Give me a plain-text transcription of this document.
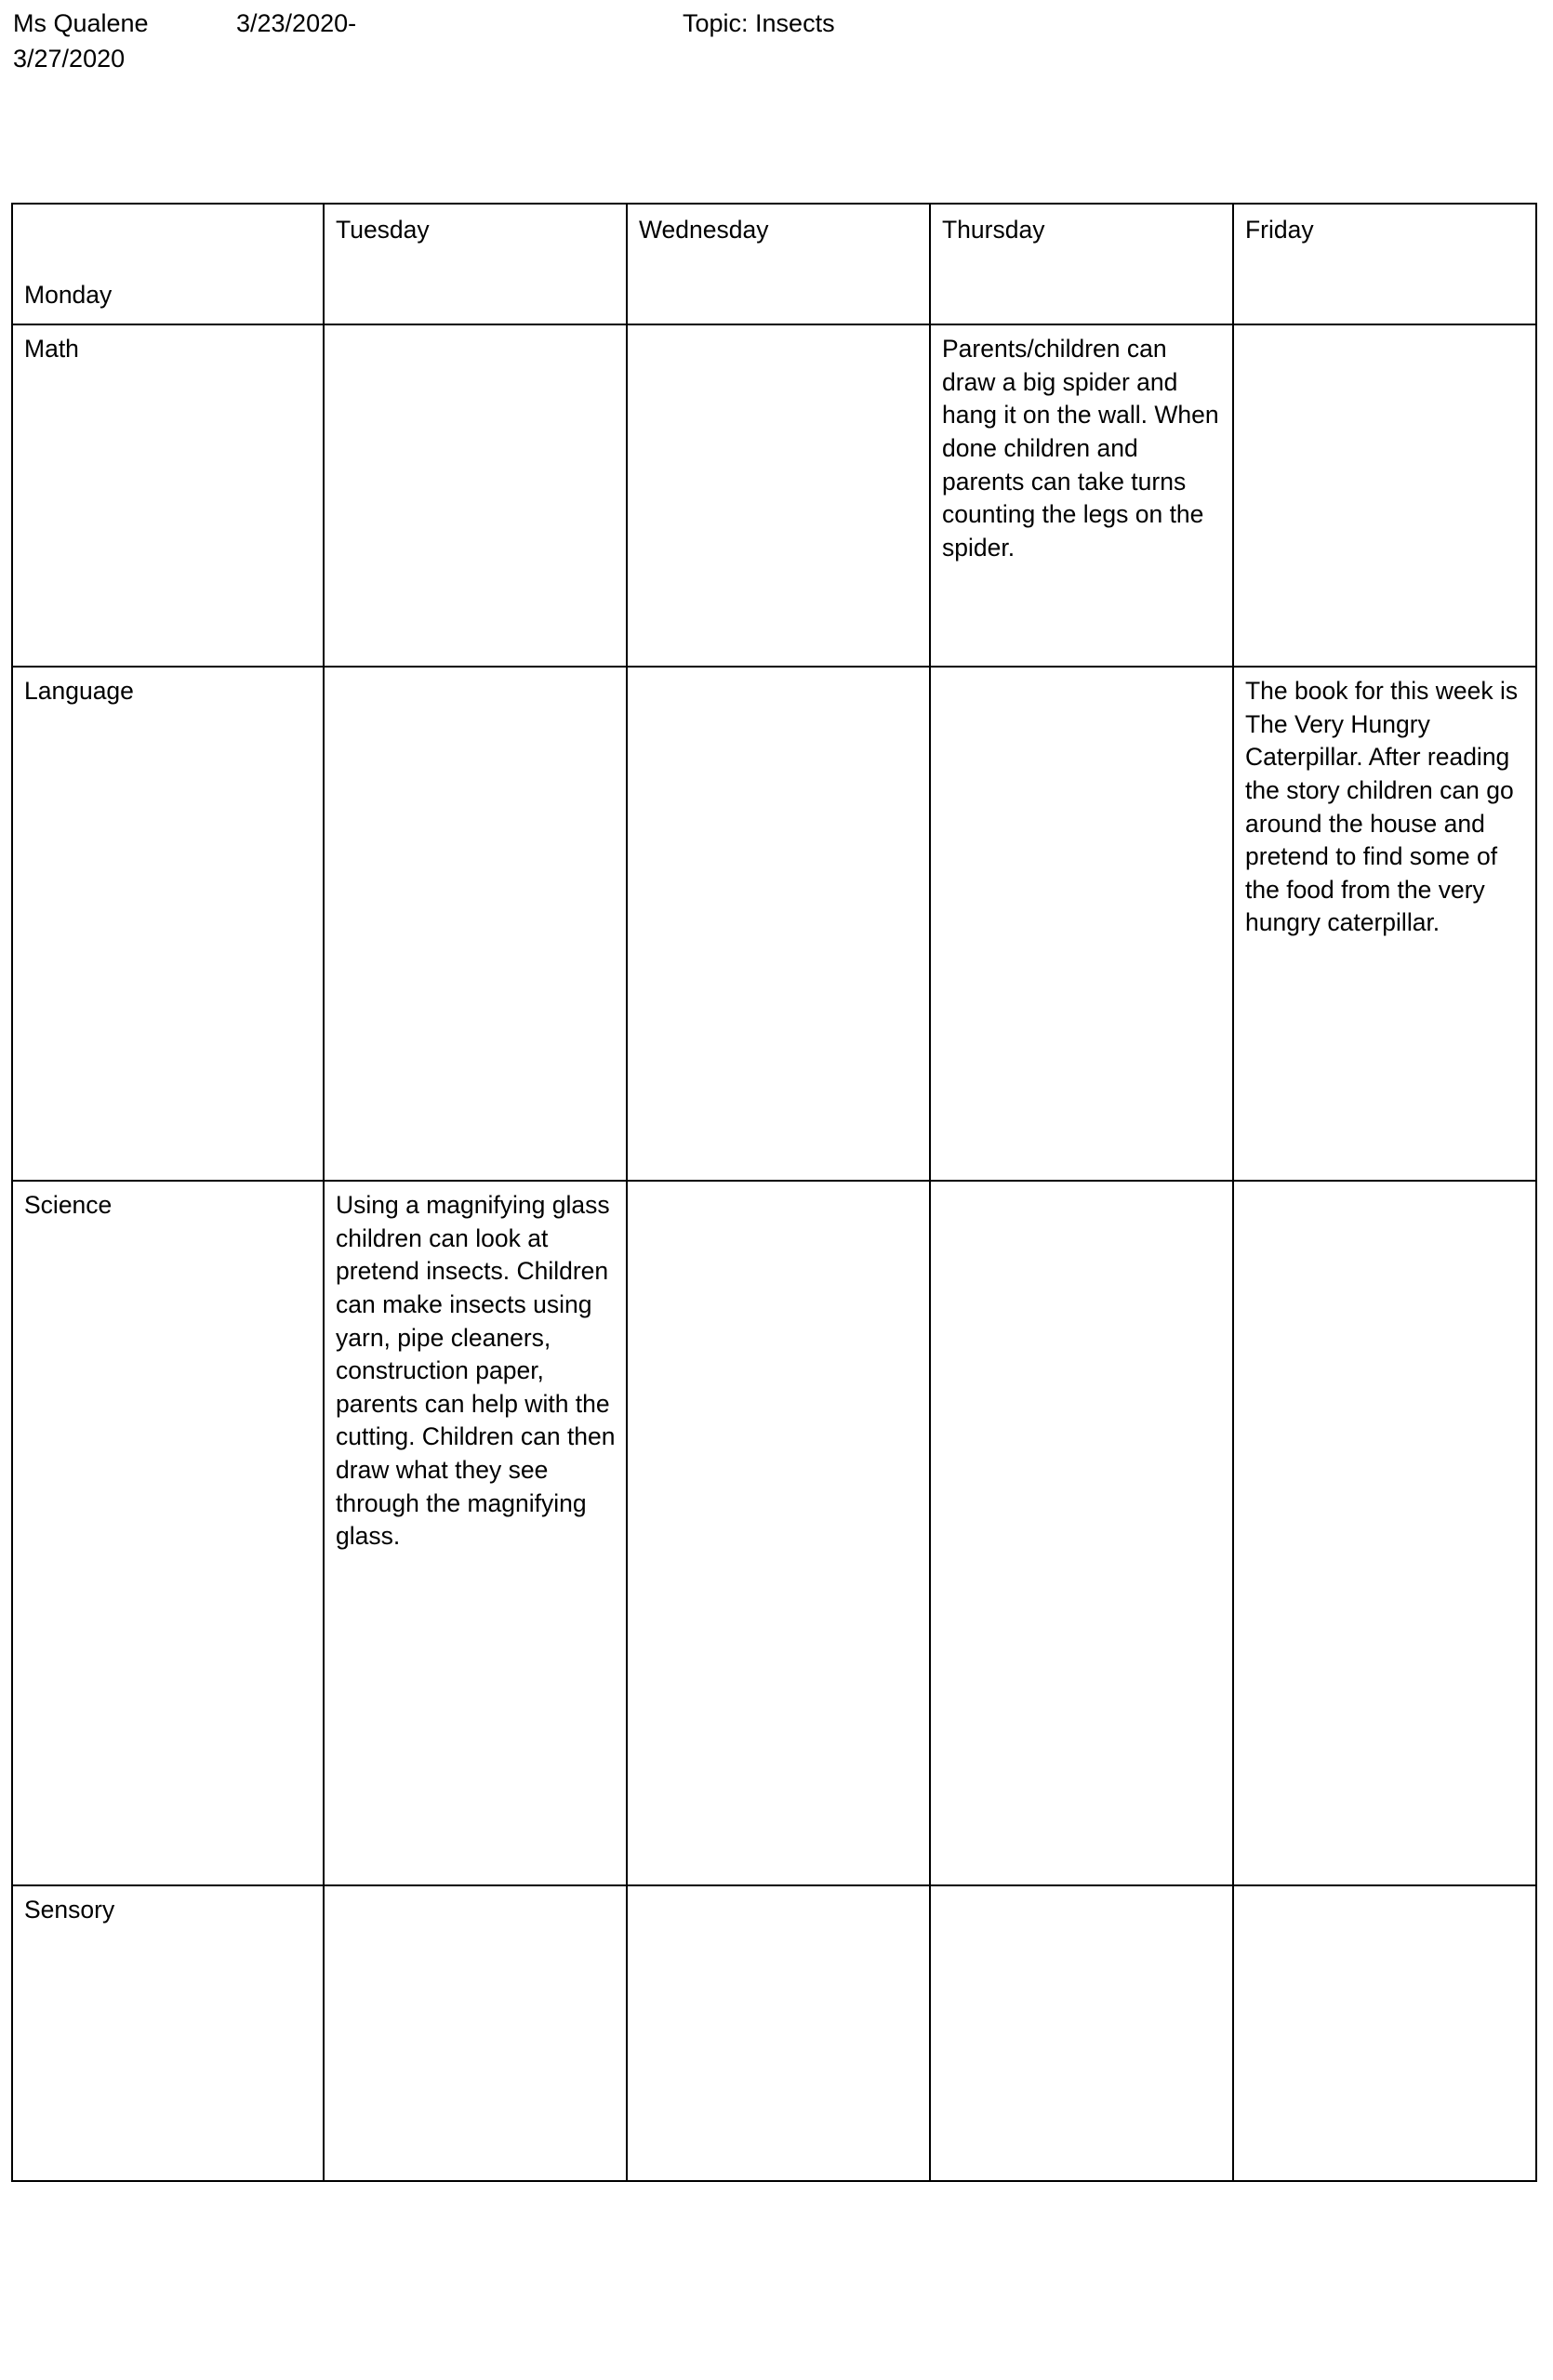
Ms Qualene	3/23/2020-	Topic: Insects
3/27/2020
Monday	Tuesday	Wednesday	Thursday	Friday

Math			Parents/children can draw a big spider and hang it on the wall. When done children and parents can take turns counting the legs on the spider.	

Language				The book for this week is The Very Hungry Caterpillar. After reading the story children can go around the house and pretend to find some of the food from the very hungry caterpillar.

Science	Using a magnifying glass children can look at pretend insects. Children can make insects using yarn, pipe cleaners, construction paper, parents can help with the cutting. Children can then draw what they see through the magnifying glass.			

Sensory				
